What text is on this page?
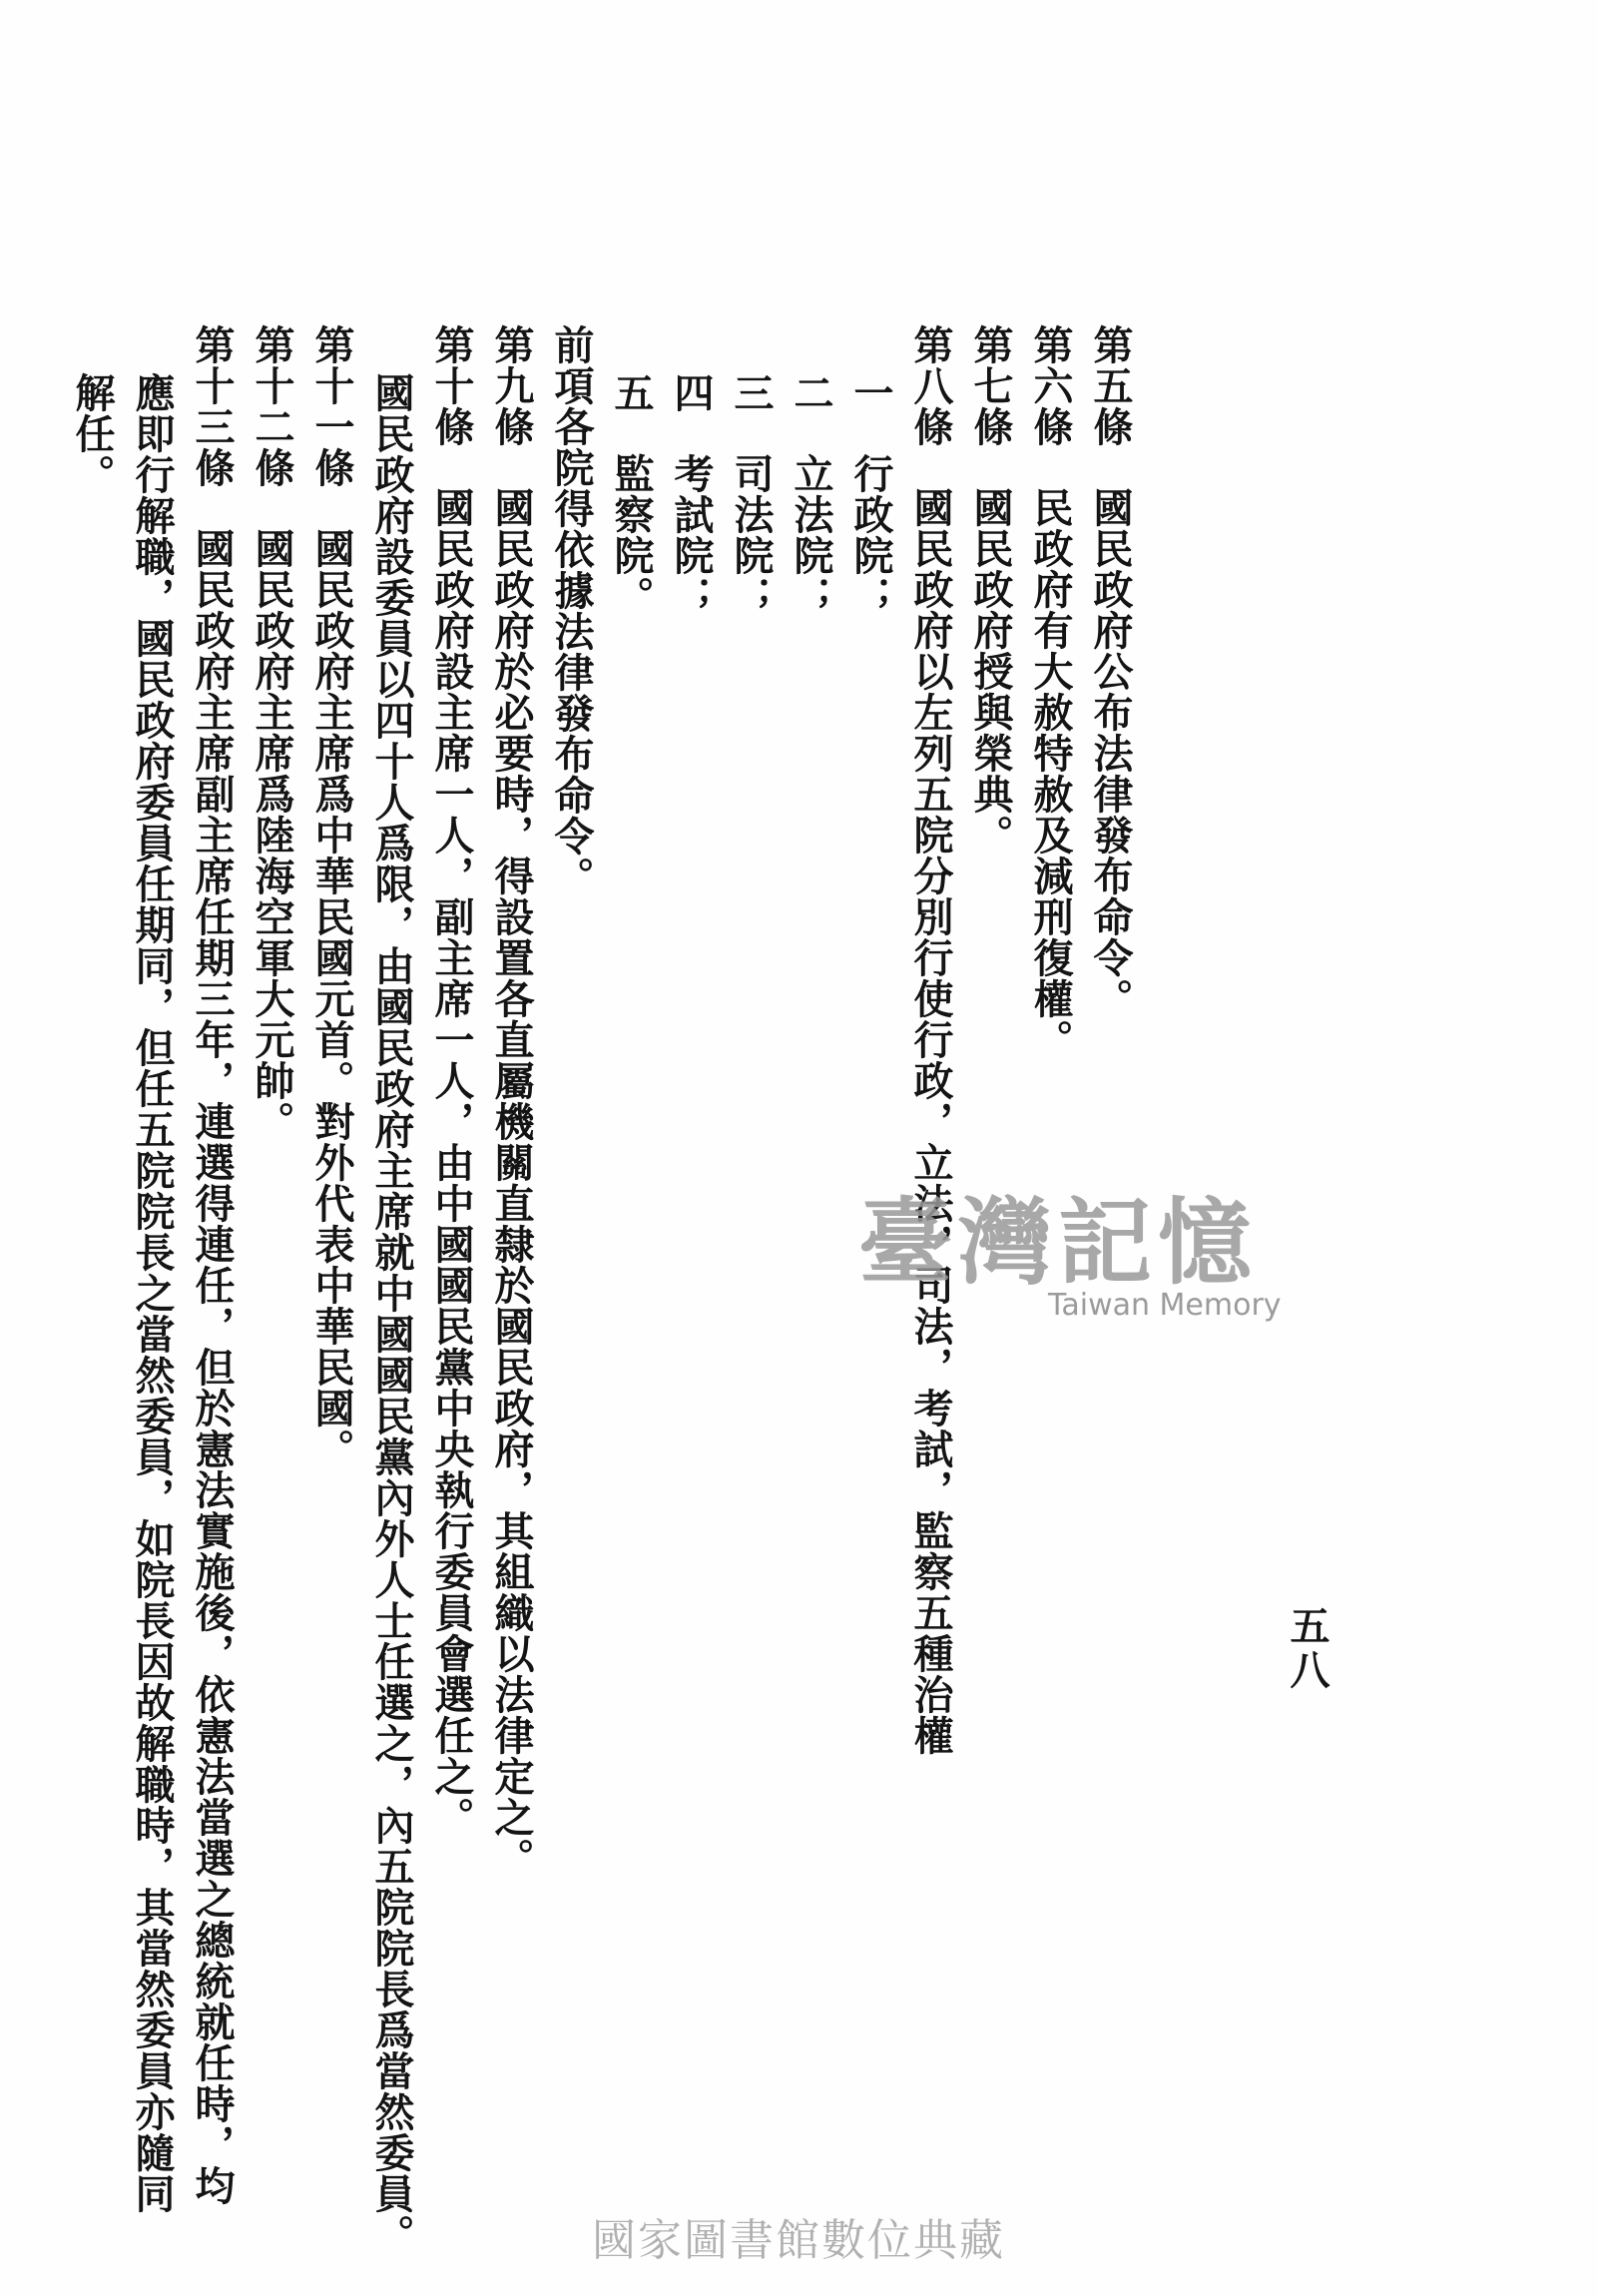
第五條國民政府公布法律發布命令。
第六條民政府有大赦特赦及減刑復權。
第七條國民政府授與榮典。
第八條國民政府以左列五院分別行使行政，立法，司法，考試，監察五種治權
一行政院；
二立法院；
三司法院；
四考試院；
五監察院。
前項各院得依據法律發布命令。
第九條國民政府於必要時，得設置各直屬機關直隸於國民政府，其組織以法律定之。
第十條國民政府設主席一人，副主席一人，由中國國民黨中央執行委員會選任之。
國民政府設委員以四十人爲限，由國民政府主席就中國國民黨內外人士任選之，內五院院長爲當然委員。
第十一條國民政府主席爲中華民國元首。對外代表中華民國。
第十二條國民政府主席爲陸海空軍大元帥。
第十三條國民政府主席副主席任期三年，連選得連任，但於憲法實施後，依憲法當選之總統就任時，均
應即行解職，國民政府委員任期同，但任五院院長之當然委員，如院長因故解職時，其當然委員亦隨同
解任。
五八
臺灣記憶
Taiwan Memory
國家圖書館數位典藏
